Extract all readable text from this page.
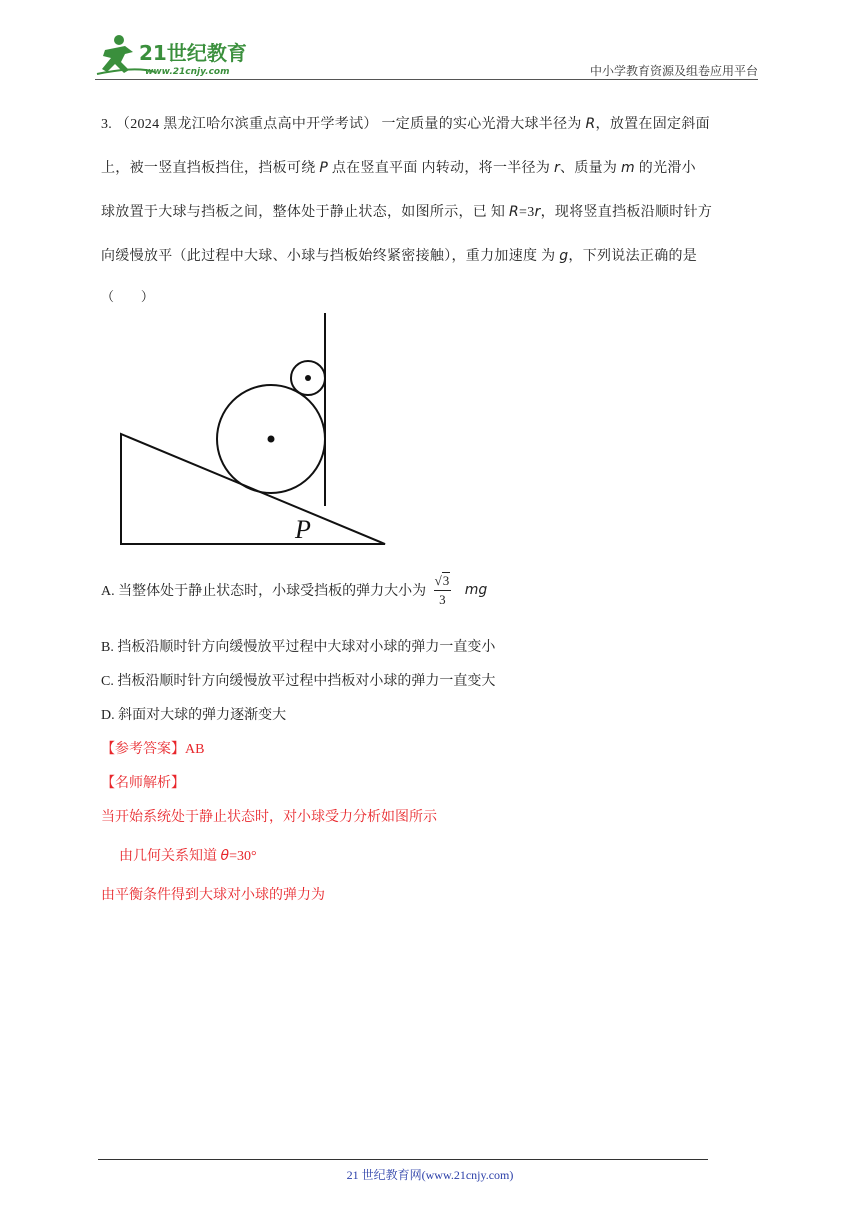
21世纪教育
www.21cnjy.com	中小学教育资源及组卷应用平台
3. （2024 黑龙江哈尔滨重点高中开学考试） 一定质量的实心光滑大球半径为 R，放置在固定斜面
上，被一竖直挡板挡住，挡板可绕 P 点在竖直平面 内转动，将一半径为 r、质量为 m 的光滑小
球放置于大球与挡板之间，整体处于静止状态，如图所示，已 知 R=3r，现将竖直挡板沿顺时针方
向缓慢放平（此过程中大球、小球与挡板始终紧密接触），重力加速度 为 g，下列说法正确的是
（　　）
P
A. 当整体处于静止状态时，小球受挡板的弹力大小为 $\frac{√3}{3}$ mg
B. 挡板沿顺时针方向缓慢放平过程中大球对小球的弹力一直变小
C. 挡板沿顺时针方向缓慢放平过程中挡板对小球的弹力一直变大
D. 斜面对大球的弹力逐渐变大
【参考答案】AB
【名师解析】
当开始系统处于静止状态时，对小球受力分析如图所示
由几何关系知道 θ=30°
由平衡条件得到大球对小球的弹力为
21 世纪教育网(www.21cnjy.com)
